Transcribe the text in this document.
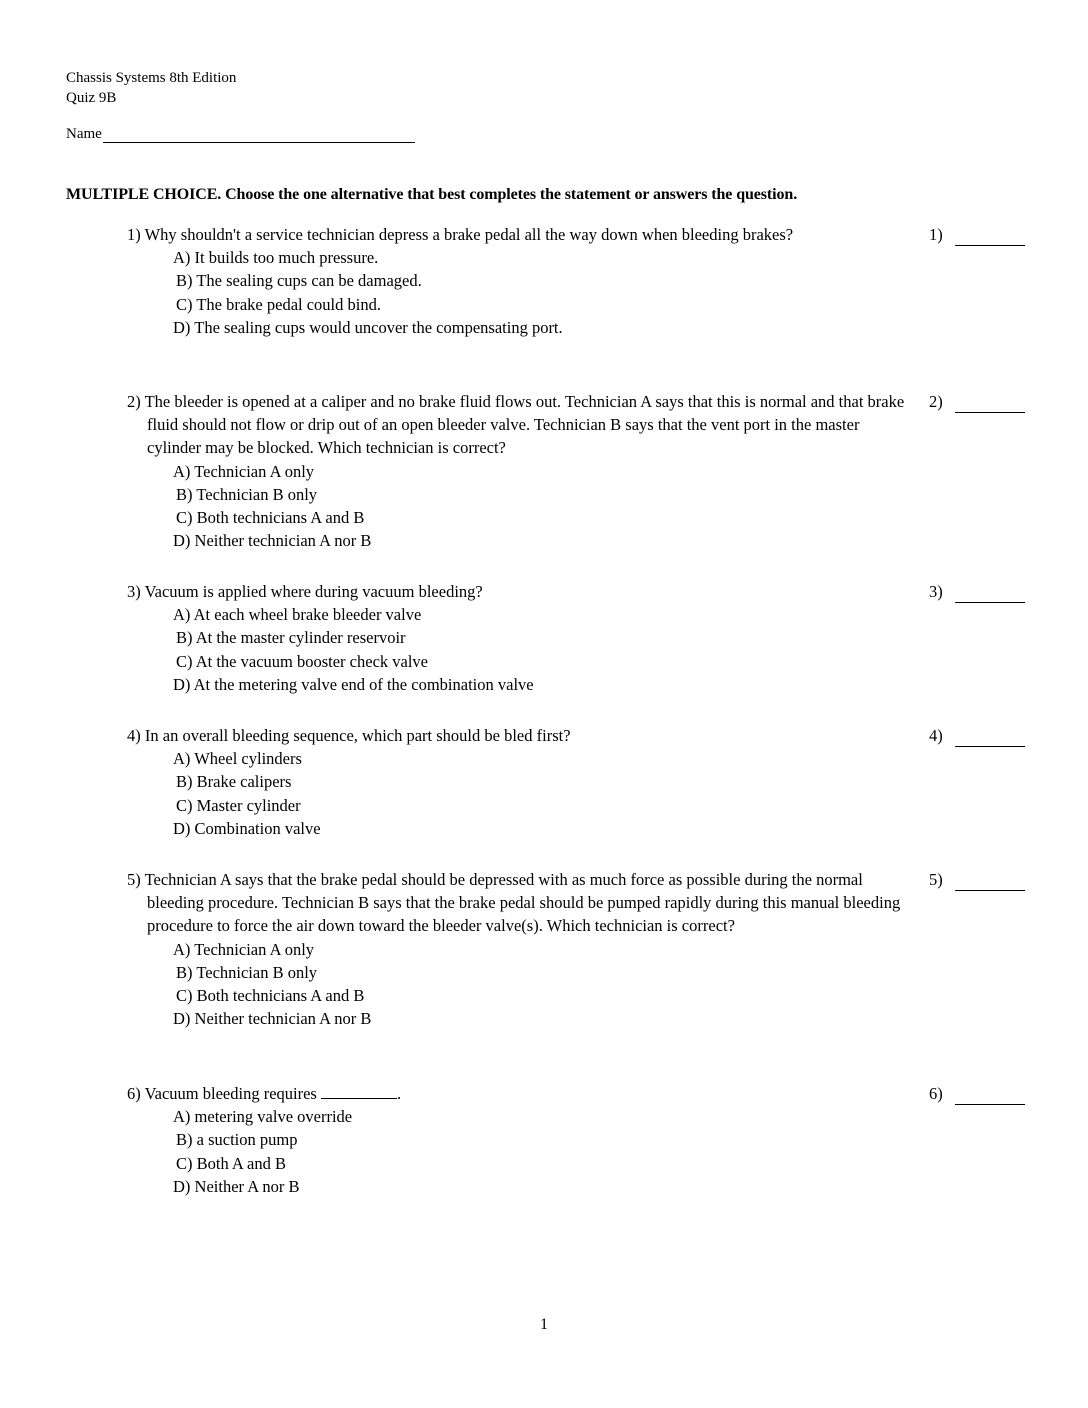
Chassis Systems 8th Edition
Quiz 9B
Name
MULTIPLE CHOICE. Choose the one alternative that best completes the statement or answers the question.
1) Why shouldn't a service technician depress a brake pedal all the way down when bleeding brakes?
A) It builds too much pressure.
B) The sealing cups can be damaged.
C) The brake pedal could bind.
D) The sealing cups would uncover the compensating port.
1)
2) The bleeder is opened at a caliper and no brake fluid flows out. Technician A says that this is normal and that brake fluid should not flow or drip out of an open bleeder valve. Technician B says that the vent port in the master cylinder may be blocked. Which technician is correct?
A) Technician A only
B) Technician B only
C) Both technicians A and B
D) Neither technician A nor B
2)
3) Vacuum is applied where during vacuum bleeding?
A) At each wheel brake bleeder valve
B) At the master cylinder reservoir
C) At the vacuum booster check valve
D) At the metering valve end of the combination valve
3)
4) In an overall bleeding sequence, which part should be bled first?
A) Wheel cylinders
B) Brake calipers
C) Master cylinder
D) Combination valve
4)
5) Technician A says that the brake pedal should be depressed with as much force as possible during the normal bleeding procedure. Technician B says that the brake pedal should be pumped rapidly during this manual bleeding procedure to force the air down toward the bleeder valve(s). Which technician is correct?
A) Technician A only
B) Technician B only
C) Both technicians A and B
D) Neither technician A nor B
5)
6) Vacuum bleeding requires	.
A) metering valve override
B) a suction pump
C) Both A and B
D) Neither A nor B
6)
1
